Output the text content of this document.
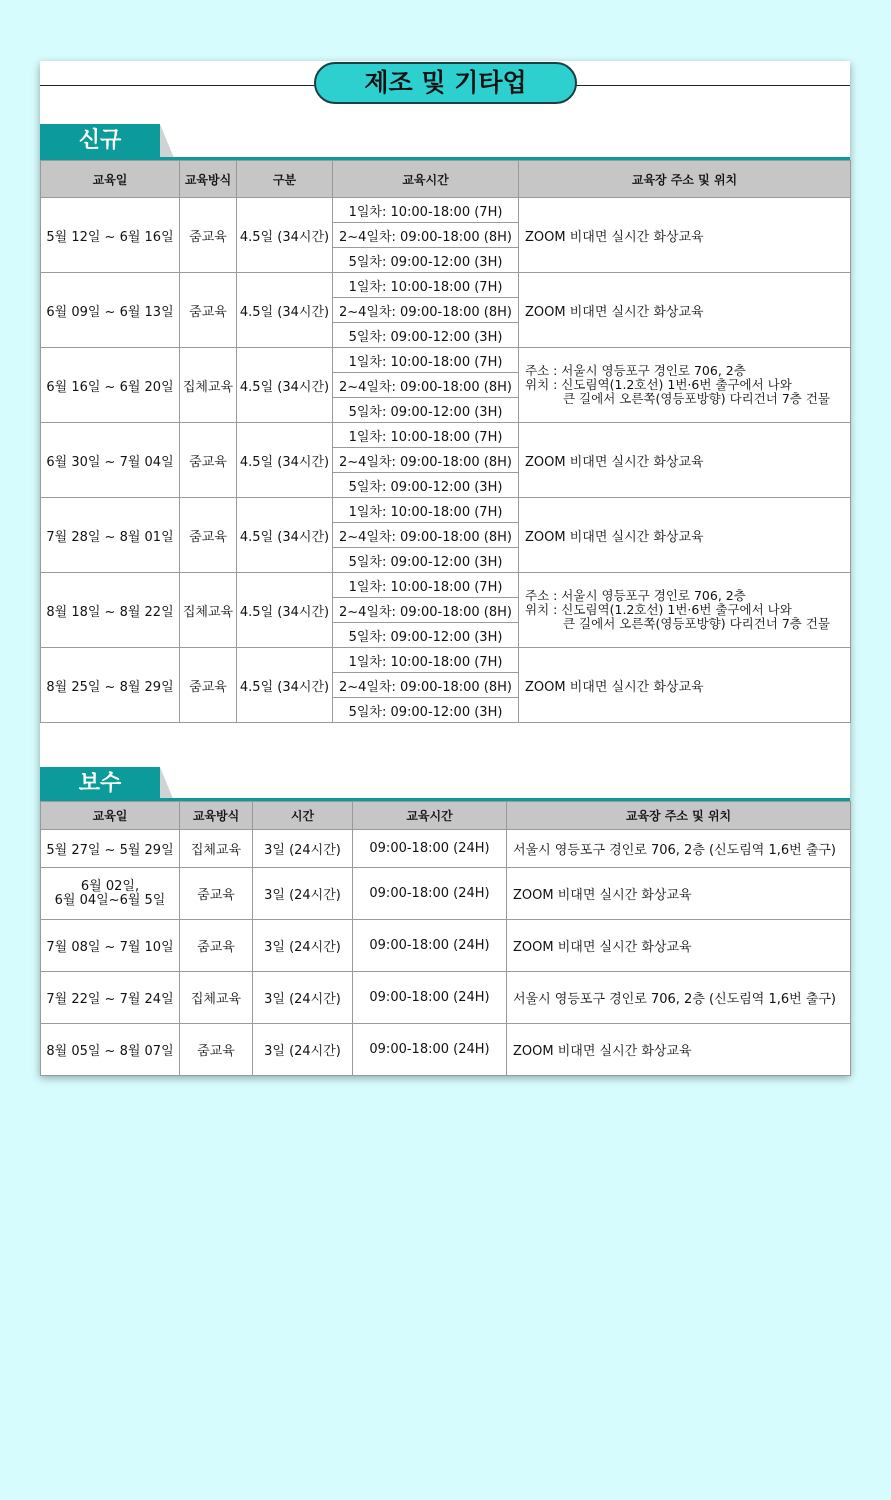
제조 및 기타업
신규
교육일	교육방식	구분	교육시간	교육장 주소 및 위치
5월 12일 ~ 6월 16일	줌교육	4.5일 (34시간)	1일차: 10:00-18:00 (7H)	ZOOM 비대면 실시간 화상교육

			2~4일차: 09:00-18:00 (8H)	
			5일차: 09:00-12:00 (3H)	
6월 09일 ~ 6월 13일	줌교육	4.5일 (34시간)	1일차: 10:00-18:00 (7H)	ZOOM 비대면 실시간 화상교육

			2~4일차: 09:00-18:00 (8H)	
			5일차: 09:00-12:00 (3H)	
6월 16일 ~ 6월 20일	집체교육	4.5일 (34시간)	1일차: 10:00-18:00 (7H)	주소 : 서울시 영등포구 경인로 706, 2층
위치 : 신도림역(1.2호선) 1번·6번 출구에서 나와
큰 길에서 오른쪽(영등포방향) 다리건너 7층 건물

			2~4일차: 09:00-18:00 (8H)	
			5일차: 09:00-12:00 (3H)	
6월 30일 ~ 7월 04일	줌교육	4.5일 (34시간)	1일차: 10:00-18:00 (7H)	ZOOM 비대면 실시간 화상교육

			2~4일차: 09:00-18:00 (8H)	
			5일차: 09:00-12:00 (3H)	
7월 28일 ~ 8월 01일	줌교육	4.5일 (34시간)	1일차: 10:00-18:00 (7H)	ZOOM 비대면 실시간 화상교육

			2~4일차: 09:00-18:00 (8H)	
			5일차: 09:00-12:00 (3H)	
8월 18일 ~ 8월 22일	집체교육	4.5일 (34시간)	1일차: 10:00-18:00 (7H)	주소 : 서울시 영등포구 경인로 706, 2층
위치 : 신도림역(1.2호선) 1번·6번 출구에서 나와
큰 길에서 오른쪽(영등포방향) 다리건너 7층 건물

			2~4일차: 09:00-18:00 (8H)	
			5일차: 09:00-12:00 (3H)	
8월 25일 ~ 8월 29일	줌교육	4.5일 (34시간)	1일차: 10:00-18:00 (7H)	ZOOM 비대면 실시간 화상교육

			2~4일차: 09:00-18:00 (8H)	
			5일차: 09:00-12:00 (3H)	
보수
교육일	교육방식	시간	교육시간	교육장 주소 및 위치

5월 27일 ~ 5월 29일	집체교육	3일 (24시간)	09:00-18:00 (24H)	서울시 영등포구 경인로 706, 2층 (신도림역 1,6번 출구)

6월 02일,
6월 04일~6월 5일	줌교육	3일 (24시간)	09:00-18:00 (24H)	ZOOM 비대면 실시간 화상교육

7월 08일 ~ 7월 10일	줌교육	3일 (24시간)	09:00-18:00 (24H)	ZOOM 비대면 실시간 화상교육

7월 22일 ~ 7월 24일	집체교육	3일 (24시간)	09:00-18:00 (24H)	서울시 영등포구 경인로 706, 2층 (신도림역 1,6번 출구)

8월 05일 ~ 8월 07일	줌교육	3일 (24시간)	09:00-18:00 (24H)	ZOOM 비대면 실시간 화상교육
